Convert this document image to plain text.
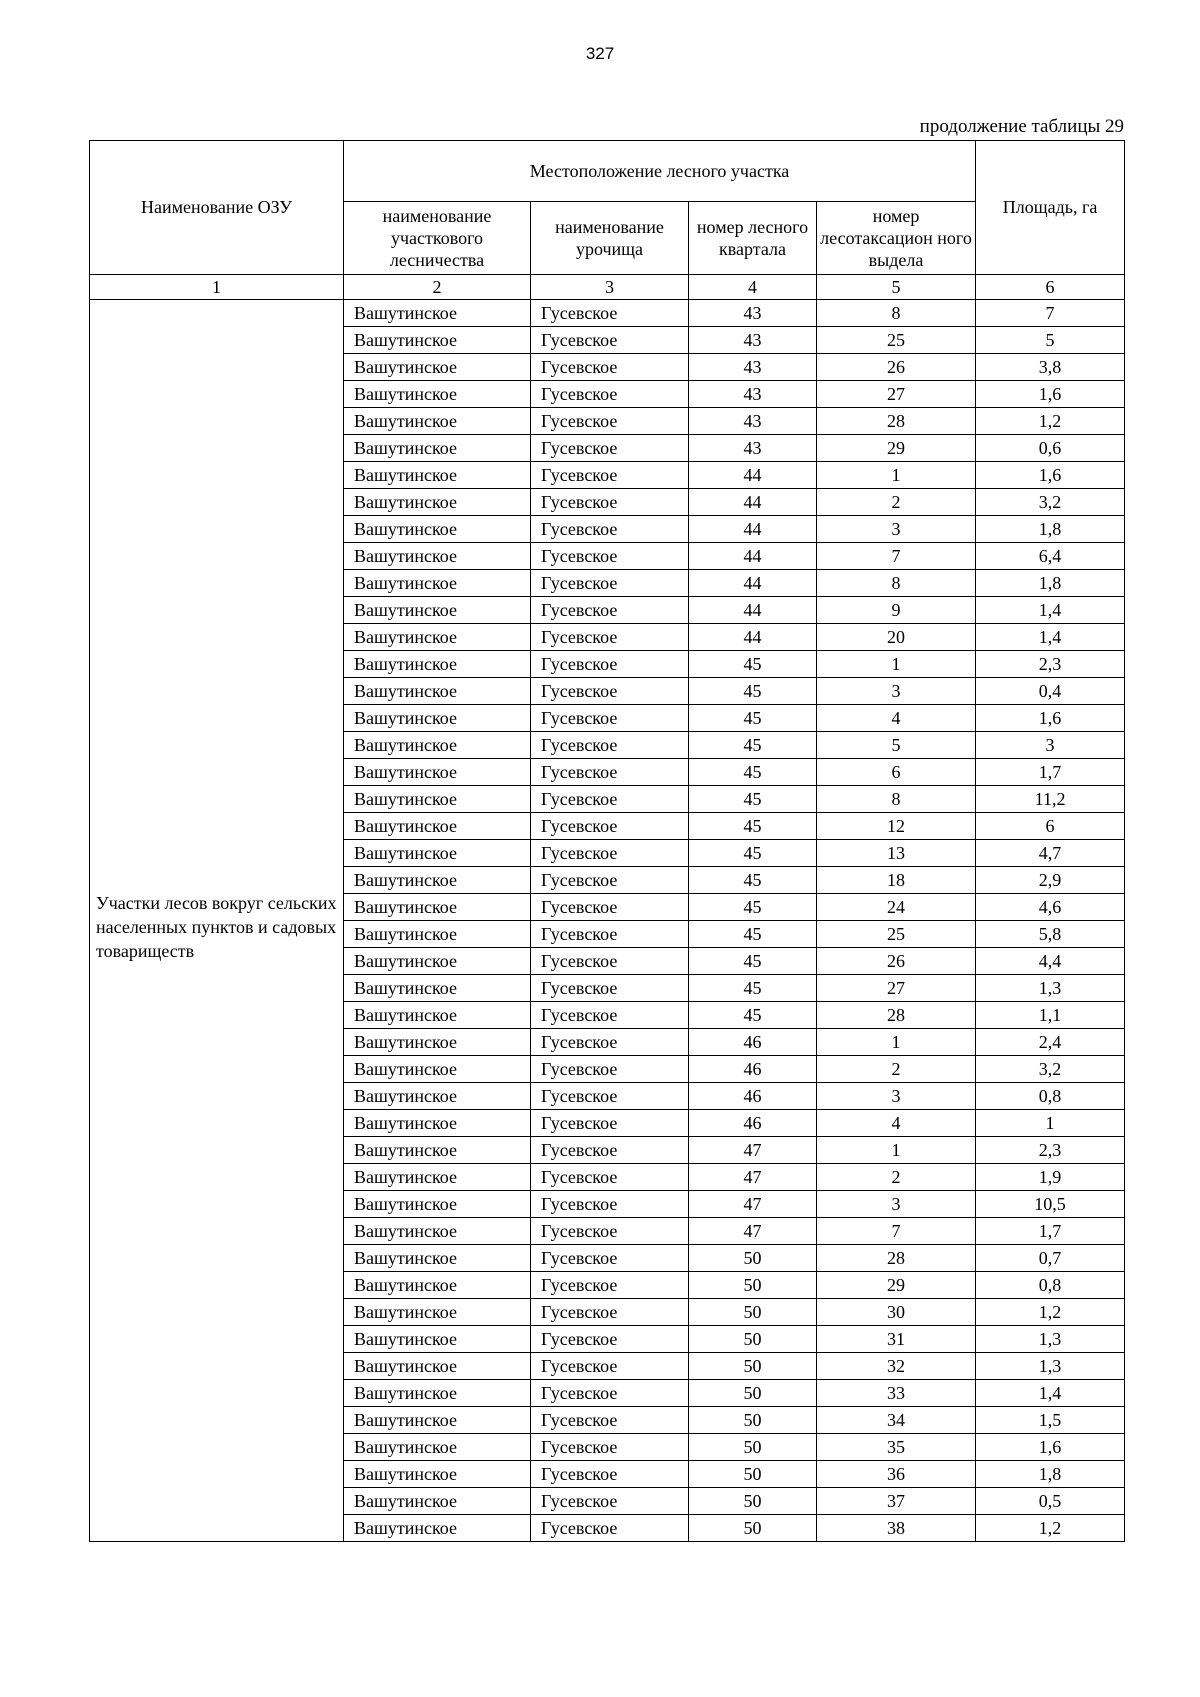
327
продолжение таблицы 29
Наименование ОЗУ	Местоположение лесного участка				Площадь, га
	наименование участкового лесничества	наименование урочища	номер лесного квартала	номер лесотаксацион ного выдела	
1	2	3	4	5	6
Участки лесов вокруг сельских населенных пунктов и садовых товариществ	Вашутинское	Гусевское	43	8	7
	Вашутинское	Гусевское	43	25	5
	Вашутинское	Гусевское	43	26	3,8
	Вашутинское	Гусевское	43	27	1,6
	Вашутинское	Гусевское	43	28	1,2
	Вашутинское	Гусевское	43	29	0,6
	Вашутинское	Гусевское	44	1	1,6
	Вашутинское	Гусевское	44	2	3,2
	Вашутинское	Гусевское	44	3	1,8
	Вашутинское	Гусевское	44	7	6,4
	Вашутинское	Гусевское	44	8	1,8
	Вашутинское	Гусевское	44	9	1,4
	Вашутинское	Гусевское	44	20	1,4
	Вашутинское	Гусевское	45	1	2,3
	Вашутинское	Гусевское	45	3	0,4
	Вашутинское	Гусевское	45	4	1,6
	Вашутинское	Гусевское	45	5	3
	Вашутинское	Гусевское	45	6	1,7
	Вашутинское	Гусевское	45	8	11,2
	Вашутинское	Гусевское	45	12	6
	Вашутинское	Гусевское	45	13	4,7
	Вашутинское	Гусевское	45	18	2,9
	Вашутинское	Гусевское	45	24	4,6
	Вашутинское	Гусевское	45	25	5,8
	Вашутинское	Гусевское	45	26	4,4
	Вашутинское	Гусевское	45	27	1,3
	Вашутинское	Гусевское	45	28	1,1
	Вашутинское	Гусевское	46	1	2,4
	Вашутинское	Гусевское	46	2	3,2
	Вашутинское	Гусевское	46	3	0,8
	Вашутинское	Гусевское	46	4	1
	Вашутинское	Гусевское	47	1	2,3
	Вашутинское	Гусевское	47	2	1,9
	Вашутинское	Гусевское	47	3	10,5
	Вашутинское	Гусевское	47	7	1,7
	Вашутинское	Гусевское	50	28	0,7
	Вашутинское	Гусевское	50	29	0,8
	Вашутинское	Гусевское	50	30	1,2
	Вашутинское	Гусевское	50	31	1,3
	Вашутинское	Гусевское	50	32	1,3
	Вашутинское	Гусевское	50	33	1,4
	Вашутинское	Гусевское	50	34	1,5
	Вашутинское	Гусевское	50	35	1,6
	Вашутинское	Гусевское	50	36	1,8
	Вашутинское	Гусевское	50	37	0,5
	Вашутинское	Гусевское	50	38	1,2
